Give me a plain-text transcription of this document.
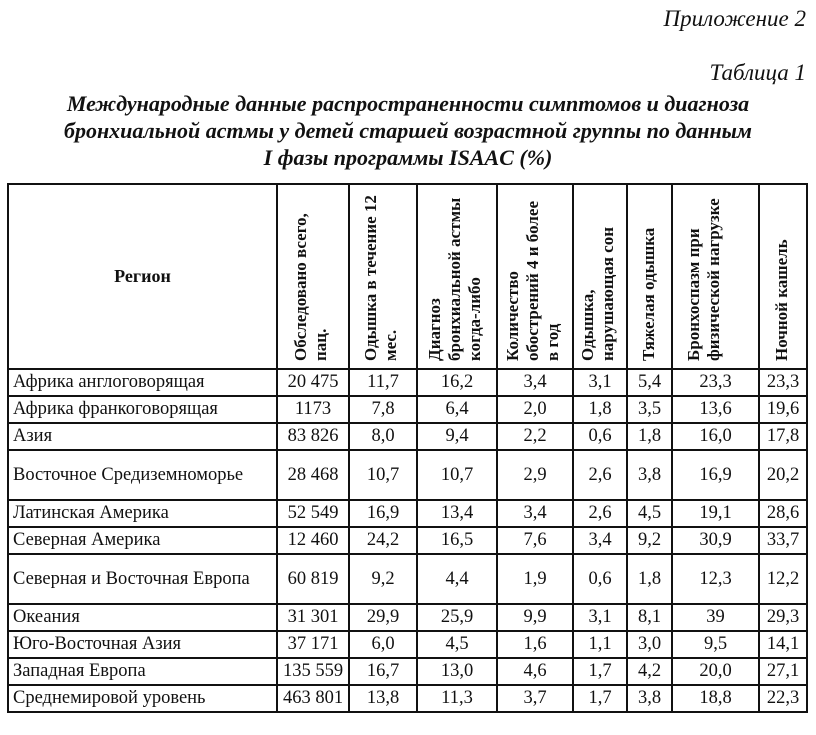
Приложение 2
Таблица 1
Международные данные распространенности симптомов и диагноза
бронхиальной астмы у детей старшей возрастной группы по данным
I фазы программы ISAAC (%)
Регион	Обследовано всего, пац.	Одышка в течение 12 мес.	Диагноз бронхиальной астмы когда-либо	Количество обострений 4 и более в год	Одышка, нарушающая сон	Тяжелая одышка	Бронхоспазм при физической нагрузке	Ночной кашель

Африка англоговорящая	20 475	11,7	16,2	3,4	3,1	5,4	23,3	23,3
Африка франкоговорящая	1173	7,8	6,4	2,0	1,8	3,5	13,6	19,6
Азия	83 826	8,0	9,4	2,2	0,6	1,8	16,0	17,8
Восточное Средиземноморье	28 468	10,7	10,7	2,9	2,6	3,8	16,9	20,2
Латинская Америка	52 549	16,9	13,4	3,4	2,6	4,5	19,1	28,6
Северная Америка	12 460	24,2	16,5	7,6	3,4	9,2	30,9	33,7
Северная и Восточная Европа	60 819	9,2	4,4	1,9	0,6	1,8	12,3	12,2
Океания	31 301	29,9	25,9	9,9	3,1	8,1	39	29,3
Юго-Восточная Азия	37 171	6,0	4,5	1,6	1,1	3,0	9,5	14,1
Западная Европа	135 559	16,7	13,0	4,6	1,7	4,2	20,0	27,1
Среднемировой уровень	463 801	13,8	11,3	3,7	1,7	3,8	18,8	22,3
